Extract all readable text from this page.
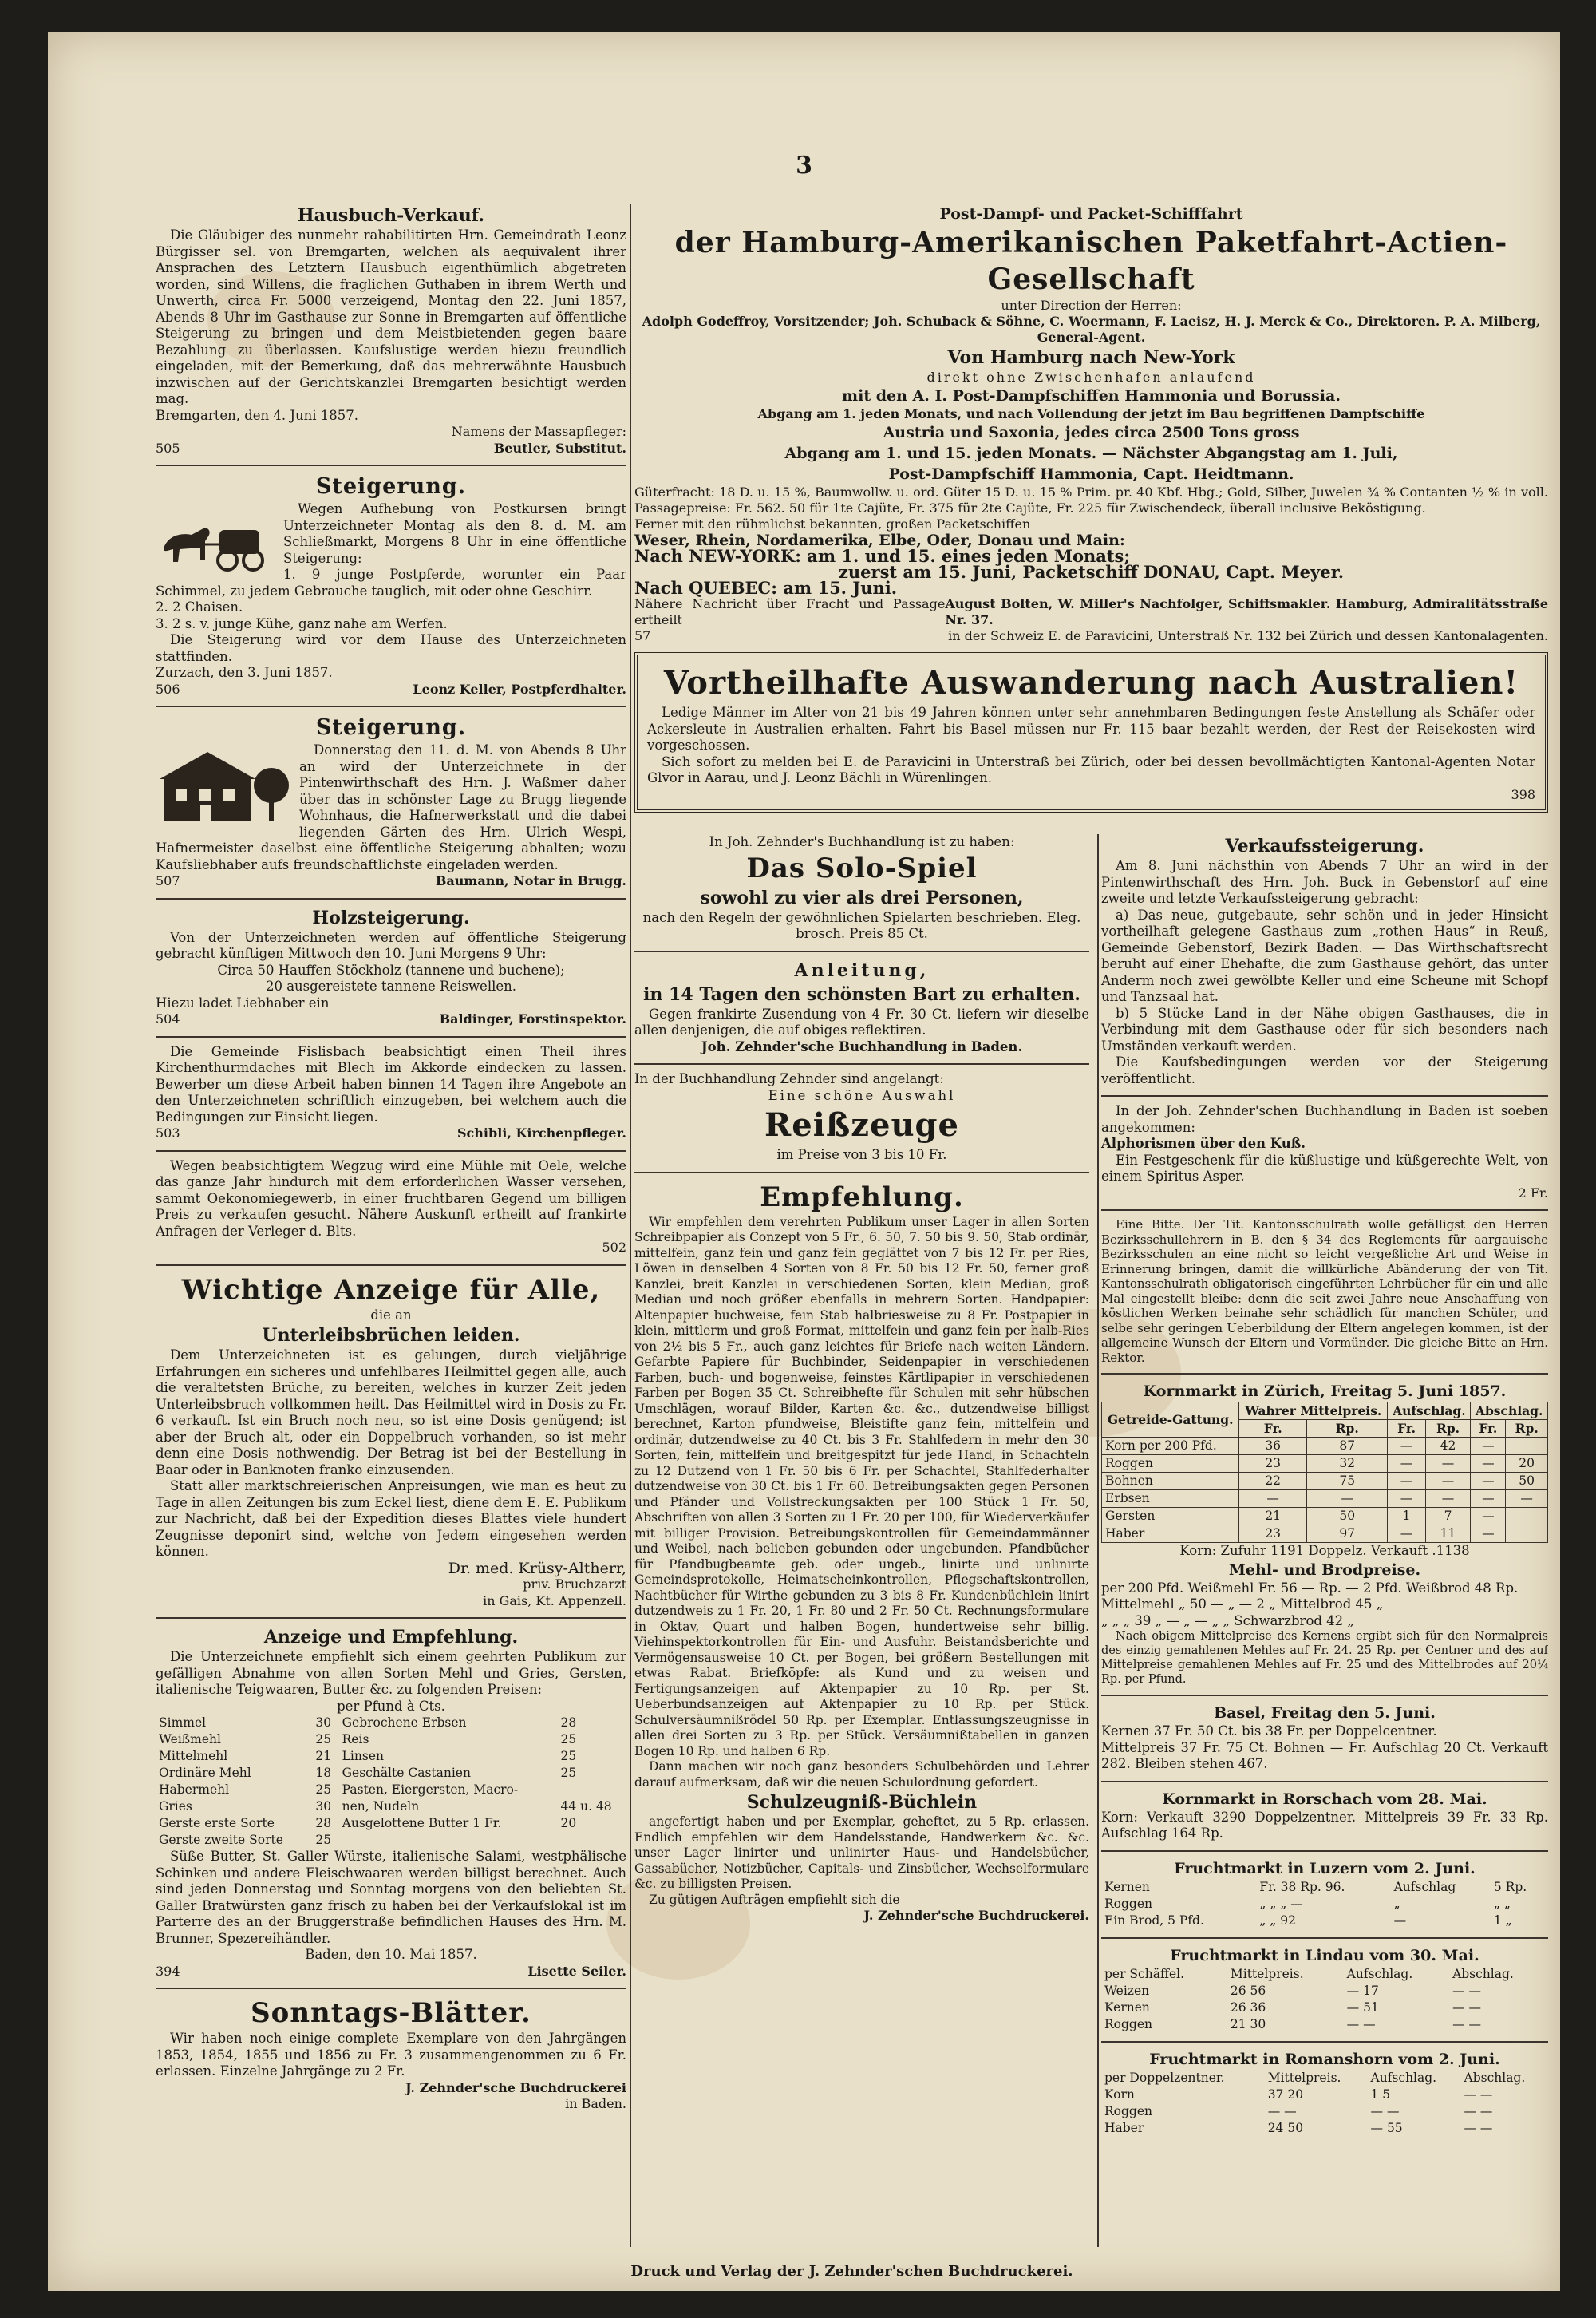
3
Hausbuch-Verkauf.

Die Gläubiger des nunmehr rahabilitirten Hrn. Gemeindrath Leonz Bürgisser sel. von Bremgarten, welchen als aequivalent ihrer Ansprachen des Letztern Hausbuch eigenthümlich abgetreten worden, sind Willens, die fraglichen Guthaben in ihrem Werth und Unwerth, circa Fr. 5000 verzeigend, Montag den 22. Juni 1857, Abends 8 Uhr im Gasthause zur Sonne in Bremgarten auf öffentliche Steigerung zu bringen und dem Meistbietenden gegen baare Bezahlung zu überlassen. Kaufslustige werden hiezu freundlich eingeladen, mit der Bemerkung, daß das mehrerwähnte Hausbuch inzwischen auf der Gerichtskanzlei Bremgarten besichtigt werden mag.

Bremgarten, den 4. Juni 1857.
Namens der Massapfleger:
505	Beutler, Substitut.
Steigerung.

Wegen Aufhebung von Postkursen bringt Unterzeichneter Montag als den 8. d. M. am Schließmarkt, Morgens 8 Uhr in eine öffentliche Steigerung:

1. 9 junge Postpferde, worunter ein Paar Schimmel, zu jedem Gebrauche tauglich, mit oder ohne Geschirr.
2. 2 Chaisen.
3. 2 s. v. junge Kühe, ganz nahe am Werfen.

Die Steigerung wird vor dem Hause des Unterzeichneten stattfinden.

Zurzach, den 3. Juni 1857.
506	Leonz Keller, Postpferdhalter.
Steigerung.

Donnerstag den 11. d. M. von Abends 8 Uhr an wird der Unterzeichnete in der Pintenwirthschaft des Hrn. J. Waßmer daher über das in schönster Lage zu Brugg liegende Wohnhaus, die Hafnerwerkstatt und die dabei liegenden Gärten des Hrn. Ulrich Wespi, Hafnermeister daselbst eine öffentliche Steigerung abhalten; wozu Kaufsliebhaber aufs freundschaftlichste eingeladen werden.

507	Baumann, Notar in Brugg.
Holzsteigerung.

Von der Unterzeichneten werden auf öffentliche Steigerung gebracht künftigen Mittwoch den 10. Juni Morgens 9 Uhr:

Circa 50 Hauffen Stöckholz (tannene und buchene);
20 ausgereistete tannene Reiswellen.
Hiezu ladet Liebhaber ein
504	Baldinger, Forstinspektor.

Die Gemeinde Fislisbach beabsichtigt einen Theil ihres Kirchenthurmdaches mit Blech im Akkorde eindecken zu lassen. Bewerber um diese Arbeit haben binnen 14 Tagen ihre Angebote an den Unterzeichneten schriftlich einzugeben, bei welchem auch die Bedingungen zur Einsicht liegen.

503	Schibli, Kirchenpfleger.

Wegen beabsichtigtem Wegzug wird eine Mühle mit Oele, welche das ganze Jahr hindurch mit dem erforderlichen Wasser versehen, sammt Oekonomiegewerb, in einer fruchtbaren Gegend um billigen Preis zu verkaufen gesucht. Nähere Auskunft ertheilt auf frankirte Anfragen der Verleger d. Blts.

502
Wichtige Anzeige für Alle,
die an
Unterleibsbrüchen leiden.

Dem Unterzeichneten ist es gelungen, durch vieljährige Erfahrungen ein sicheres und unfehlbares Heilmittel gegen alle, auch die veraltetsten Brüche, zu bereiten, welches in kurzer Zeit jeden Unterleibsbruch vollkommen heilt. Das Heilmittel wird in Dosis zu Fr. 6 verkauft. Ist ein Bruch noch neu, so ist eine Dosis genügend; ist aber der Bruch alt, oder ein Doppelbruch vorhanden, so ist mehr denn eine Dosis nothwendig. Der Betrag ist bei der Bestellung in Baar oder in Banknoten franko einzusenden.

Statt aller marktschreierischen Anpreisungen, wie man es heut zu Tage in allen Zeitungen bis zum Eckel liest, diene dem E. E. Publikum zur Nachricht, daß bei der Expedition dieses Blattes viele hundert Zeugnisse deponirt sind, welche von Jedem eingesehen werden können.

Dr. med. Krüsy-Altherr,
priv. Bruchzarzt
in Gais, Kt. Appenzell.
Anzeige und Empfehlung.

Die Unterzeichnete empfiehlt sich einem geehrten Publikum zur gefälligen Abnahme von allen Sorten Mehl und Gries, Gersten, italienische Teigwaaren, Butter &c. zu folgenden Preisen:

per Pfund à Cts.
Simmel	30	Gebrochene Erbsen	28
Weißmehl	25	Reis	25
Mittelmehl	21	Linsen	25
Ordinäre Mehl	18	Geschälte Castanien	25
Habermehl	25	Pasten, Eiergersten, Macro-	
Gries	30	nen, Nudeln	44 u. 48
Gerste erste Sorte	28	Ausgelottene Butter 1 Fr.	20
Gerste zweite Sorte	25		

Süße Butter, St. Galler Würste, italienische Salami, westphälische Schinken und andere Fleischwaaren werden billigst berechnet. Auch sind jeden Donnerstag und Sonntag morgens von den beliebten St. Galler Bratwürsten ganz frisch zu haben bei der Verkaufslokal ist im Parterre des an der Bruggerstraße befindlichen Hauses des Hrn. M. Brunner, Spezereihändler.

Baden, den 10. Mai 1857.
394	Lisette Seiler.
Sonntags-Blätter.

Wir haben noch einige complete Exemplare von den Jahrgängen 1853, 1854, 1855 und 1856 zu Fr. 3 zusammengenommen zu 6 Fr. erlassen. Einzelne Jahrgänge zu 2 Fr.

J. Zehnder'sche Buchdruckerei
in Baden.
Post-Dampf- und Packet-Schifffahrt
der Hamburg-Amerikanischen Paketfahrt-Actien-Gesellschaft
unter Direction der Herren:
Adolph Godeffroy, Vorsitzender; Joh. Schuback & Söhne, C. Woermann, F. Laeisz, H. J. Merck & Co., Direktoren. P. A. Milberg, General-Agent.
Von Hamburg nach New-York
direkt ohne Zwischenhafen anlaufend
mit den A. I. Post-Dampfschiffen Hammonia und Borussia.
Abgang am 1. jeden Monats, und nach Vollendung der jetzt im Bau begriffenen Dampfschiffe
Austria und Saxonia, jedes circa 2500 Tons gross
Abgang am 1. und 15. jeden Monats. — Nächster Abgangstag am 1. Juli,
Post-Dampfschiff Hammonia, Capt. Heidtmann.
Güterfracht: 18 D. u. 15 %, Baumwollw. u. ord. Güter 15 D. u. 15 % Prim. pr. 40 Kbf. Hbg.; Gold, Silber, Juwelen ¾ % Contanten ½ % in voll. Passagepreise: Fr. 562. 50 für 1te Cajüte, Fr. 375 für 2te Cajüte, Fr. 225 für Zwischendeck, überall inclusive Beköstigung.
Ferner mit den rühmlichst bekannten, großen Packetschiffen
Weser, Rhein, Nordamerika, Elbe, Oder, Donau und Main:
Nach NEW-YORK: am 1. und 15. eines jeden Monats;
zuerst am 15. Juni, Packetschiff DONAU, Capt. Meyer.
Nach QUEBEC: am 15. Juni.
Nähere Nachricht über Fracht und Passage ertheilt
August Bolten, W. Miller's Nachfolger, Schiffsmakler. Hamburg, Admiralitätsstraße Nr. 37.
57	in der Schweiz E. de Paravicini, Unterstraß Nr. 132 bei Zürich und dessen Kantonalagenten.
Vortheilhafte Auswanderung nach Australien!

Ledige Männer im Alter von 21 bis 49 Jahren können unter sehr annehmbaren Bedingungen feste Anstellung als Schäfer oder Ackersleute in Australien erhalten. Fahrt bis Basel müssen nur Fr. 115 baar bezahlt werden, der Rest der Reisekosten wird vorgeschossen.

Sich sofort zu melden bei E. de Paravicini in Unterstraß bei Zürich, oder bei dessen bevollmächtigten Kantonal-Agenten Notar Glvor in Aarau, und J. Leonz Bächli in Würenlingen.

398
In Joh. Zehnder's Buchhandlung ist zu haben:
Das Solo-Spiel
sowohl zu vier als drei Personen,
nach den Regeln der gewöhnlichen Spielarten beschrieben. Eleg. brosch. Preis 85 Ct.
Anleitung,
in 14 Tagen den schönsten Bart zu erhalten.

Gegen frankirte Zusendung von 4 Fr. 30 Ct. liefern wir dieselbe allen denjenigen, die auf obiges reflektiren.

Joh. Zehnder'sche Buchhandlung in Baden.
In der Buchhandlung Zehnder sind angelangt:
Eine schöne Auswahl
Reißzeuge
im Preise von 3 bis 10 Fr.
Empfehlung.

Wir empfehlen dem verehrten Publikum unser Lager in allen Sorten Schreibpapier als Conzept von 5 Fr., 6. 50, 7. 50 bis 9. 50, Stab ordinär, mittelfein, ganz fein und ganz fein geglättet von 7 bis 12 Fr. per Ries, Löwen in denselben 4 Sorten von 8 Fr. 50 bis 12 Fr. 50, ferner groß Kanzlei, breit Kanzlei in verschiedenen Sorten, klein Median, groß Median und noch größer ebenfalls in mehrern Sorten. Handpapier: Altenpapier buchweise, fein Stab halbriesweise zu 8 Fr. Postpapier in klein, mittlerm und groß Format, mittelfein und ganz fein per halb-Ries von 2½ bis 5 Fr., auch ganz leichtes für Briefe nach weiten Ländern. Gefarbte Papiere für Buchbinder, Seidenpapier in verschiedenen Farben, buch- und bogenweise, feinstes Kärtlipapier in verschiedenen Farben per Bogen 35 Ct. Schreibhefte für Schulen mit sehr hübschen Umschlägen, worauf Bilder, Karten &c. &c., dutzendweise billigst berechnet, Karton pfundweise, Bleistifte ganz fein, mittelfein und ordinär, dutzendweise zu 40 Ct. bis 3 Fr. Stahlfedern in mehr den 30 Sorten, fein, mittelfein und breitgespitzt für jede Hand, in Schachteln zu 12 Dutzend von 1 Fr. 50 bis 6 Fr. per Schachtel, Stahlfederhalter dutzendweise von 30 Ct. bis 1 Fr. 60. Betreibungsakten gegen Personen und Pfänder und Vollstreckungsakten per 100 Stück 1 Fr. 50, Abschriften von allen 3 Sorten zu 1 Fr. 20 per 100, für Wiederverkäufer mit billiger Provision. Betreibungskontrollen für Gemeindammänner und Weibel, nach belieben gebunden oder ungebunden. Pfandbücher für Pfandbugbeamte geb. oder ungeb., linirte und unlinirte Gemeindsprotokolle, Heimatscheinkontrollen, Pflegschaftskontrollen, Nachtbücher für Wirthe gebunden zu 3 bis 8 Fr. Kundenbüchlein linirt dutzendweis zu 1 Fr. 20, 1 Fr. 80 und 2 Fr. 50 Ct. Rechnungsformulare in Oktav, Quart und halben Bogen, hundertweise sehr billig. Viehinspektorkontrollen für Ein- und Ausfuhr. Beistandsberichte und Vermögensausweise 10 Ct. per Bogen, bei größern Bestellungen mit etwas Rabat. Briefköpfe: als Kund und zu weisen und Fertigungsanzeigen auf Aktenpapier zu 10 Rp. per St. Ueberbundsanzeigen auf Aktenpapier zu 10 Rp. per Stück. Schulversäumnißrödel 50 Rp. per Exemplar. Entlassungszeugnisse in allen drei Sorten zu 3 Rp. per Stück. Versäumnißtabellen in ganzen Bogen 10 Rp. und halben 6 Rp.

Dann machen wir noch ganz besonders Schulbehörden und Lehrer darauf aufmerksam, daß wir die neuen Schulordnung gefordert.

Schulzeugniß-Büchlein

angefertigt haben und per Exemplar, geheftet, zu 5 Rp. erlassen. Endlich empfehlen wir dem Handelsstande, Handwerkern &c. &c. unser Lager linirter und unlinirter Haus- und Handelsbücher, Gassabücher, Notizbücher, Capitals- und Zinsbücher, Wechselformulare &c. zu billigsten Preisen.

Zu gütigen Aufträgen empfiehlt sich die

J. Zehnder'sche Buchdruckerei.
Verkaufssteigerung.

Am 8. Juni nächsthin von Abends 7 Uhr an wird in der Pintenwirthschaft des Hrn. Joh. Buck in Gebenstorf auf eine zweite und letzte Verkaufssteigerung gebracht:

a) Das neue, gutgebaute, sehr schön und in jeder Hinsicht vortheilhaft gelegene Gasthaus zum „rothen Haus“ in Reuß, Gemeinde Gebenstorf, Bezirk Baden. — Das Wirthschaftsrecht beruht auf einer Ehehafte, die zum Gasthause gehört, das unter Anderm noch zwei gewölbte Keller und eine Scheune mit Schopf und Tanzsaal hat.

b) 5 Stücke Land in der Nähe obigen Gasthauses, die in Verbindung mit dem Gasthause oder für sich besonders nach Umständen verkauft werden.

Die Kaufsbedingungen werden vor der Steigerung veröffentlicht.

In der Joh. Zehnder'schen Buchhandlung in Baden ist soeben angekommen:

Alphorismen über den Kuß.

Ein Festgeschenk für die küßlustige und küßgerechte Welt, von einem Spiritus Asper.

2 Fr.

Eine Bitte. Der Tit. Kantonsschulrath wolle gefälligst den Herren Bezirksschullehrern in B. den § 34 des Reglements für aargauische Bezirksschulen an eine nicht so leicht vergeßliche Art und Weise in Erinnerung bringen, damit die willkürliche Abänderung der von Tit. Kantonsschulrath obligatorisch eingeführten Lehrbücher für ein und alle Mal eingestellt bleibe: denn die seit zwei Jahre neue Anschaffung von köstlichen Werken beinahe sehr schädlich für manchen Schüler, und selbe sehr geringen Ueberbildung der Eltern angelegen kommen, ist der allgemeine Wunsch der Eltern und Vormünder. Die gleiche Bitte an Hrn. Rektor.

Kornmarkt in Zürich, Freitag 5. Juni 1857.
Getreide-Gattung.	Wahrer Mittelpreis.		Aufschlag.		Abschlag.	
	Fr.	Rp.	Fr.	Rp.	Fr.	Rp.
Korn per 200 Pfd.	36	87	—	42	—	
Roggen	23	32	—	—	—	20
Bohnen	22	75	—	—	—	50
Erbsen	—	—	—	—	—	—
Gersten	21	50	1	7	—	
Haber	23	97	—	11	—	
Korn: Zufuhr 1191 Doppelz. Verkauft .1138
Mehl- und Brodpreise.
per 200 Pfd. Weißmehl Fr. 56 — Rp. — 2 Pfd. Weißbrod 48 Rp.
Mittelmehl „ 50 — „ — 2 „ Mittelbrod 45 „
„ „ „ 39 „ — „ — „ „ Schwarzbrod 42 „

Nach obigem Mittelpreise des Kernens ergibt sich für den Normalpreis des einzig gemahlenen Mehles auf Fr. 24. 25 Rp. per Centner und des auf Mittelpreise gemahlenen Mehles auf Fr. 25 und des Mittelbrodes auf 20¼ Rp. per Pfund.

Basel, Freitag den 5. Juni.
Kernen 37 Fr. 50 Ct. bis 38 Fr. per Doppelcentner.
Mittelpreis 37 Fr. 75 Ct. Bohnen — Fr. Aufschlag 20 Ct. Verkauft 282. Bleiben stehen 467.
Kornmarkt in Rorschach vom 28. Mai.
Korn: Verkauft 3290 Doppelzentner. Mittelpreis 39 Fr. 33 Rp. Aufschlag 164 Rp.
Fruchtmarkt in Luzern vom 2. Juni.
Kernen	Fr. 38 Rp. 96.	Aufschlag	5 Rp.
Roggen	„ „ „ —	„	„ „
Ein Brod, 5 Pfd.	„ „ 92	—	1 „
Fruchtmarkt in Lindau vom 30. Mai.
per Schäffel.	Mittelpreis.	Aufschlag.	Abschlag.
Weizen	26 56	— 17	— —
Kernen	26 36	— 51	— —
Roggen	21 30	— —	— —
Fruchtmarkt in Romanshorn vom 2. Juni.
per Doppelzentner.	Mittelpreis.	Aufschlag.	Abschlag.
Korn	37 20	1 5	— —
Roggen	— —	— —	— —
Haber	24 50	— 55	— —
Druck und Verlag der J. Zehnder'schen Buchdruckerei.
